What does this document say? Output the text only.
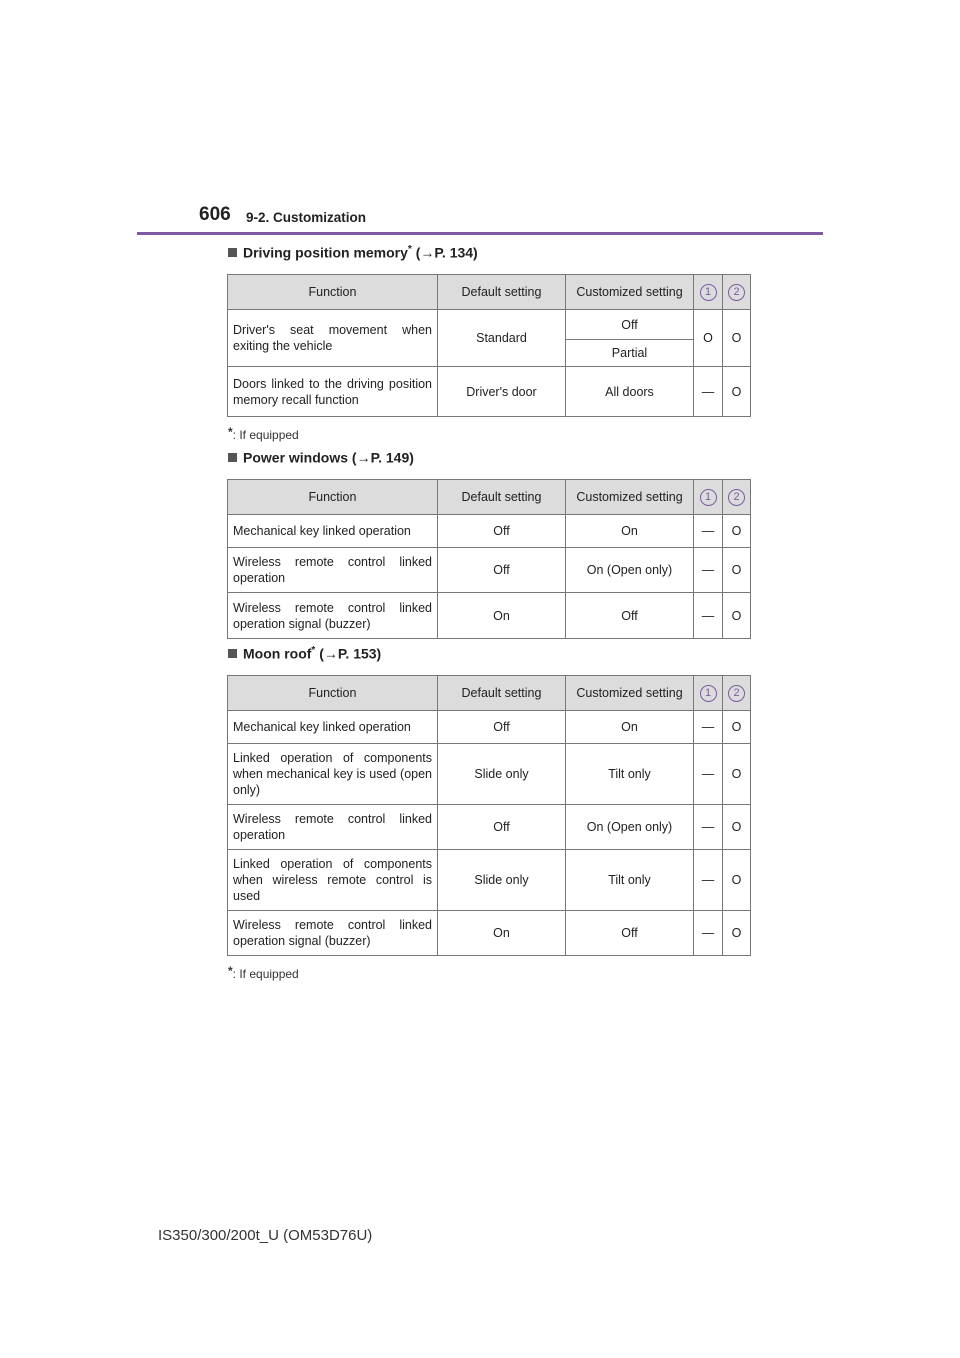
606 9-2. Customization
Driving position memory* (→P. 134)
Function	Default setting	Customized setting	1	2
Driver's seat movement when exiting the vehicle	Standard	Off	O	O
		Partial		
Doors linked to the driving position memory recall function	Driver's door	All doors	—	O
*: If equipped
Power windows (→P. 149)
Function	Default setting	Customized setting	1	2
Mechanical key linked operation	Off	On	—	O
Wireless remote control linked operation	Off	On (Open only)	—	O
Wireless remote control linked operation signal (buzzer)	On	Off	—	O
Moon roof* (→P. 153)
Function	Default setting	Customized setting	1	2
Mechanical key linked operation	Off	On	—	O
Linked operation of components when mechanical key is used (open only)	Slide only	Tilt only	—	O
Wireless remote control linked operation	Off	On (Open only)	—	O
Linked operation of components when wireless remote control is used	Slide only	Tilt only	—	O
Wireless remote control linked operation signal (buzzer)	On	Off	—	O
*: If equipped
IS350/300/200t_U (OM53D76U)
